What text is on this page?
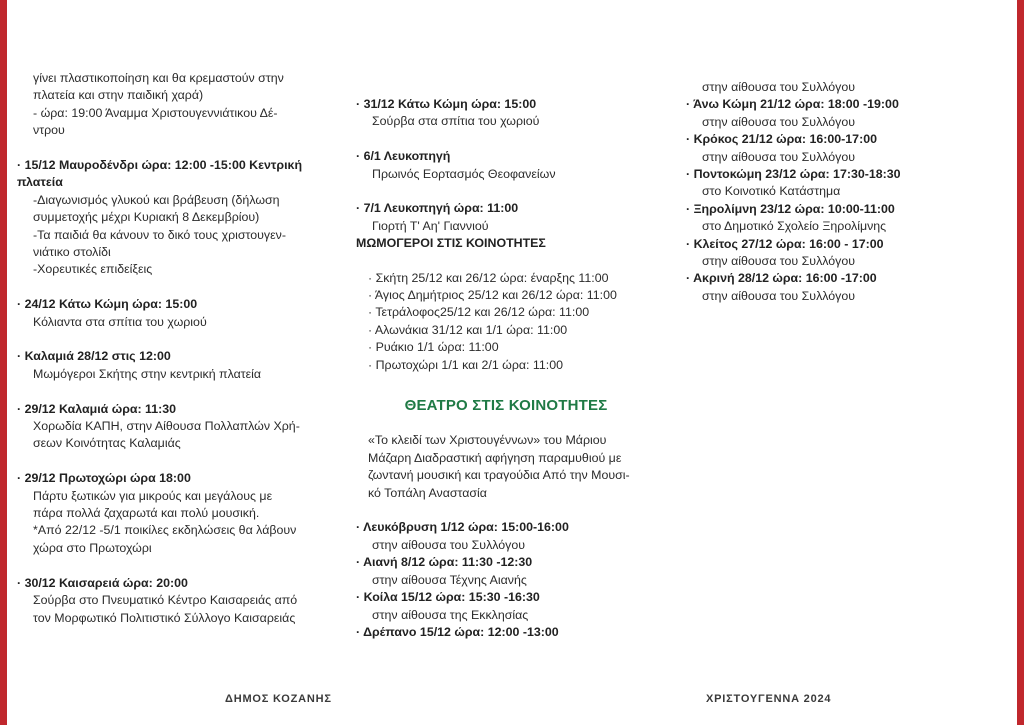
γίνει πλαστικοποίηση και θα κρεμαστούν στην
πλατεία και στην παιδική χαρά)
- ώρα: 19:00 Άναμμα Χριστουγεννιάτικου Δέ-
ντρου
· 15/12 Μαυροδένδρι ώρα: 12:00 -15:00 Κεντρική
πλατεία
-Διαγωνισμός γλυκού και βράβευση (δήλωση
συμμετοχής μέχρι Κυριακή 8 Δεκεμβρίου)
-Τα παιδιά θα κάνουν το δικό τους χριστουγεν-
νιάτικο στολίδι
-Χορευτικές επιδείξεις
· 24/12 Κάτω Κώμη ώρα: 15:00
Κόλιαντα στα σπίτια του χωριού
· Καλαμιά 28/12 στις 12:00
Μωμόγεροι Σκήτης στην κεντρική πλατεία
· 29/12 Καλαμιά ώρα: 11:30
Χορωδία ΚΑΠΗ, στην Αίθουσα Πολλαπλών Χρή-
σεων Κοινότητας Καλαμιάς
· 29/12 Πρωτοχώρι ώρα 18:00
Πάρτυ ξωτικών για μικρούς και μεγάλους με
πάρα πολλά ζαχαρωτά και πολύ μουσική.
*Από 22/12 -5/1 ποικίλες εκδηλώσεις θα λάβουν
χώρα στο Πρωτοχώρι
· 30/12 Καισαρειά ώρα: 20:00
Σούρβα στο Πνευματικό Κέντρο Καισαρειάς από
τον Μορφωτικό Πολιτιστικό Σύλλογο Καισαρειάς
· 31/12 Κάτω Κώμη ώρα: 15:00
Σούρβα στα σπίτια του χωριού
· 6/1 Λευκοπηγή
Πρωινός Εορτασμός Θεοφανείων
· 7/1 Λευκοπηγή ώρα: 11:00
Γιορτή Τ' Αη' Γιαννιού
ΜΩΜΟΓΕΡΟΙ ΣΤΙΣ ΚΟΙΝΟΤΗΤΕΣ
· Σκήτη 25/12 και 26/12 ώρα: έναρξης 11:00
· Άγιος Δημήτριος 25/12 και 26/12 ώρα: 11:00
· Τετράλοφος25/12 και 26/12 ώρα: 11:00
· Αλωνάκια 31/12 και 1/1 ώρα: 11:00
· Ρυάκιο 1/1 ώρα: 11:00
· Πρωτοχώρι 1/1 και 2/1 ώρα: 11:00
ΘΕΑΤΡΟ ΣΤΙΣ ΚΟΙΝΟΤΗΤΕΣ
«Το κλειδί των Χριστουγέννων» του Μάριου
Μάζαρη Διαδραστική αφήγηση παραμυθιού με
ζωντανή μουσική και τραγούδια Από την Μουσι-
κό Τοπάλη Αναστασία
· Λευκόβρυση 1/12 ώρα: 15:00-16:00
στην αίθουσα του Συλλόγου
· Αιανή 8/12 ώρα: 11:30 -12:30
στην αίθουσα Τέχνης Αιανής
· Κοίλα 15/12 ώρα: 15:30 -16:30
στην αίθουσα της Εκκλησίας
· Δρέπανο 15/12 ώρα: 12:00 -13:00
στην αίθουσα του Συλλόγου
· Άνω Κώμη 21/12 ώρα: 18:00 -19:00
στην αίθουσα του Συλλόγου
· Κρόκος 21/12 ώρα: 16:00-17:00
στην αίθουσα του Συλλόγου
· Ποντοκώμη 23/12 ώρα: 17:30-18:30
στο Κοινοτικό Κατάστημα
· Ξηρολίμνη 23/12 ώρα: 10:00-11:00
στο Δημοτικό Σχολείο Ξηρολίμνης
· Κλείτος 27/12 ώρα: 16:00 - 17:00
στην αίθουσα του Συλλόγου
· Ακρινή 28/12 ώρα: 16:00 -17:00
στην αίθουσα του Συλλόγου
ΔΗΜΟΣ ΚΟΖΑΝΗΣ	ΧΡΙΣΤΟΥΓΕΝΝΑ 2024
